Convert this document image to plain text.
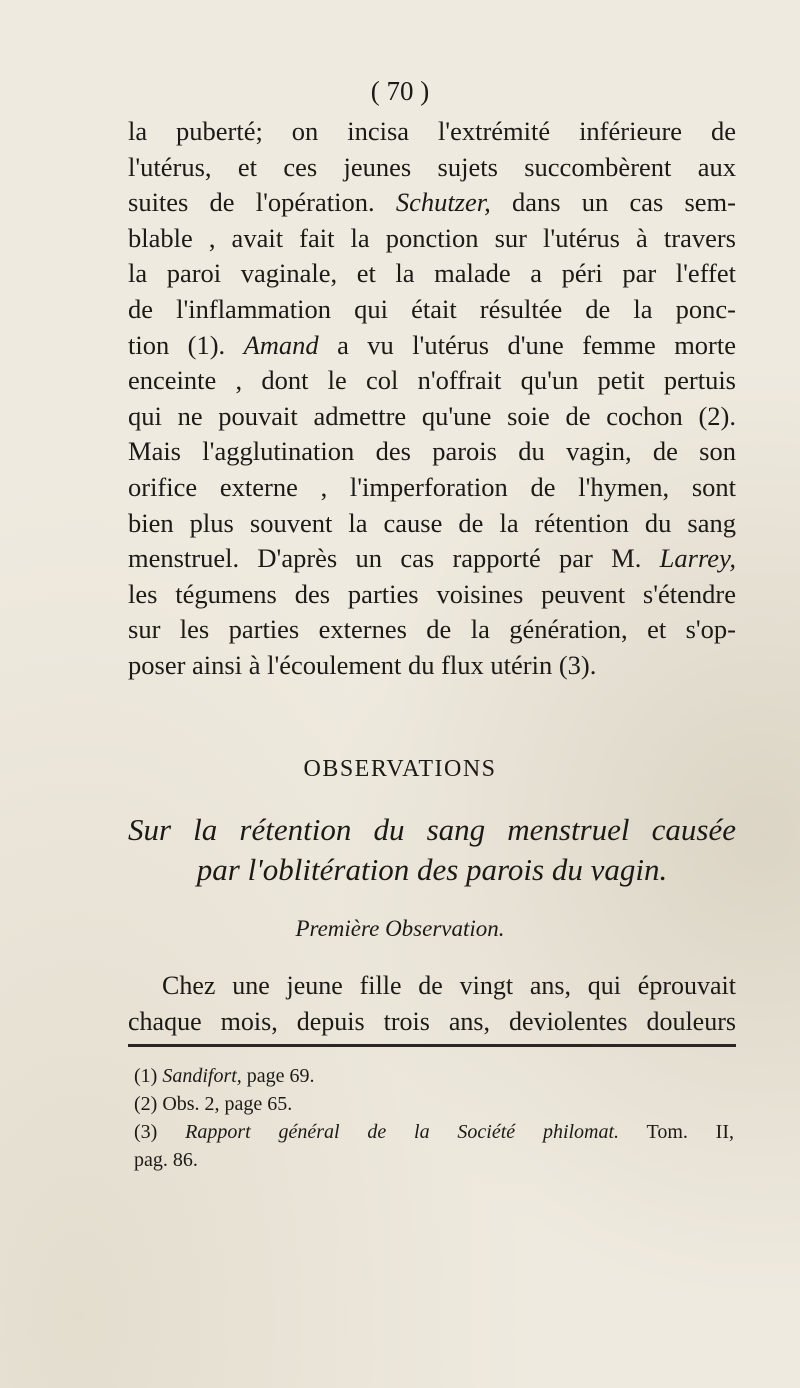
( 70 )
la puberté; on incisa l'extrémité inférieure de
l'utérus, et ces jeunes sujets succombèrent aux
suites de l'opération. Schutzer, dans un cas sem-
blable , avait fait la ponction sur l'utérus à travers
la paroi vaginale, et la malade a péri par l'effet
de l'inflammation qui était résultée de la ponc-
tion (1). Amand a vu l'utérus d'une femme morte
enceinte , dont le col n'offrait qu'un petit pertuis
qui ne pouvait admettre qu'une soie de cochon (2).
Mais l'agglutination des parois du vagin, de son
orifice externe , l'imperforation de l'hymen, sont
bien plus souvent la cause de la rétention du sang
menstruel. D'après un cas rapporté par M. Larrey,
les tégumens des parties voisines peuvent s'étendre
sur les parties externes de la génération, et s'op-
poser ainsi à l'écoulement du flux utérin (3).
OBSERVATIONS
Sur la rétention du sang menstruel causée
par l'oblitération des parois du vagin.
Première Observation.
Chez une jeune fille de vingt ans, qui éprouvait
chaque mois, depuis trois ans, deviolentes douleurs
(1) Sandifort, page 69.
(2) Obs. 2, page 65.
(3) Rapport général de la Société philomat. Tom. II,
pag. 86.
